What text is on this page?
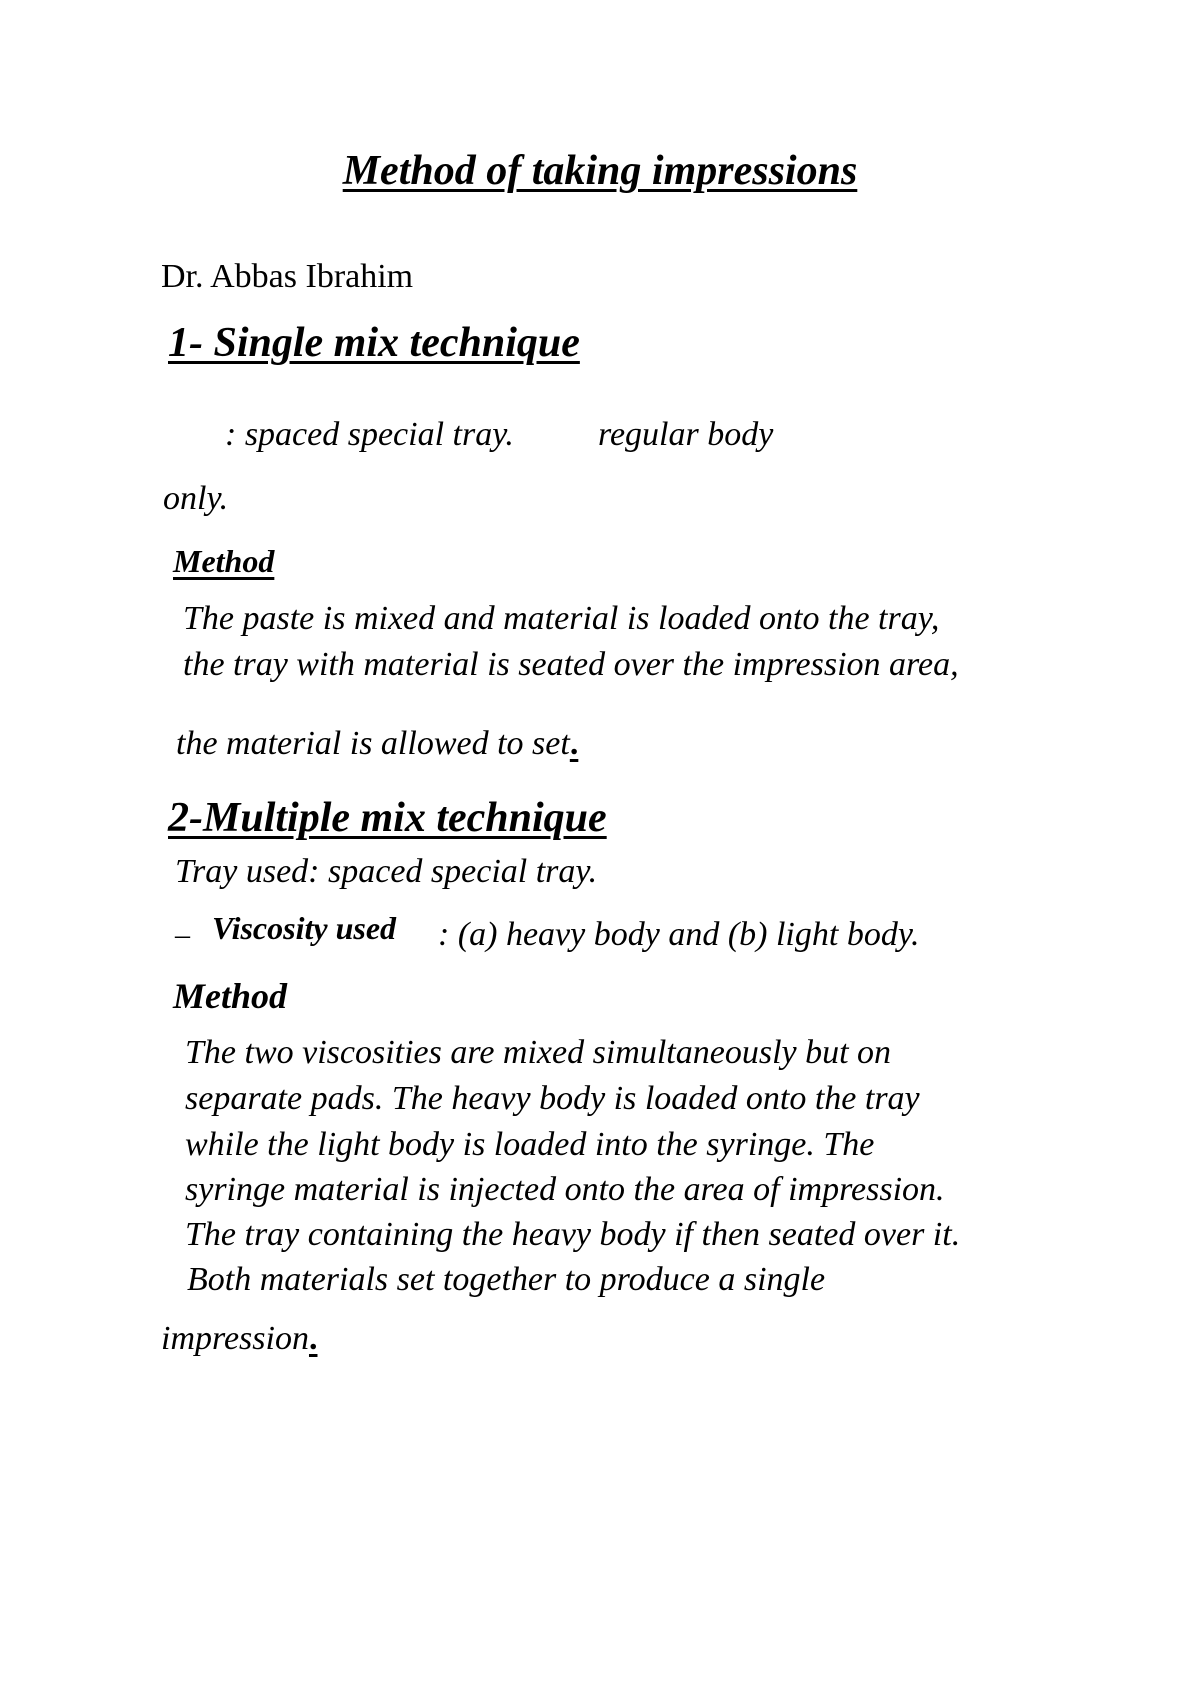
Method of taking impressions
Dr. Abbas Ibrahim
1- Single mix technique
: spaced special tray. regular body
only.
Method
The paste is mixed and material is loaded onto the tray,
the tray with material is seated over the impression area,
the material is allowed to set.
2-Multiple mix technique
Tray used: spaced special tray.
– Viscosity used : (a) heavy body and (b) light body.
Method
The two viscosities are mixed simultaneously but on
separate pads. The heavy body is loaded onto the tray
while the light body is loaded into the syringe. The
syringe material is injected onto the area of impression.
The tray containing the heavy body if then seated over it.
Both materials set together to produce a single
impression.
